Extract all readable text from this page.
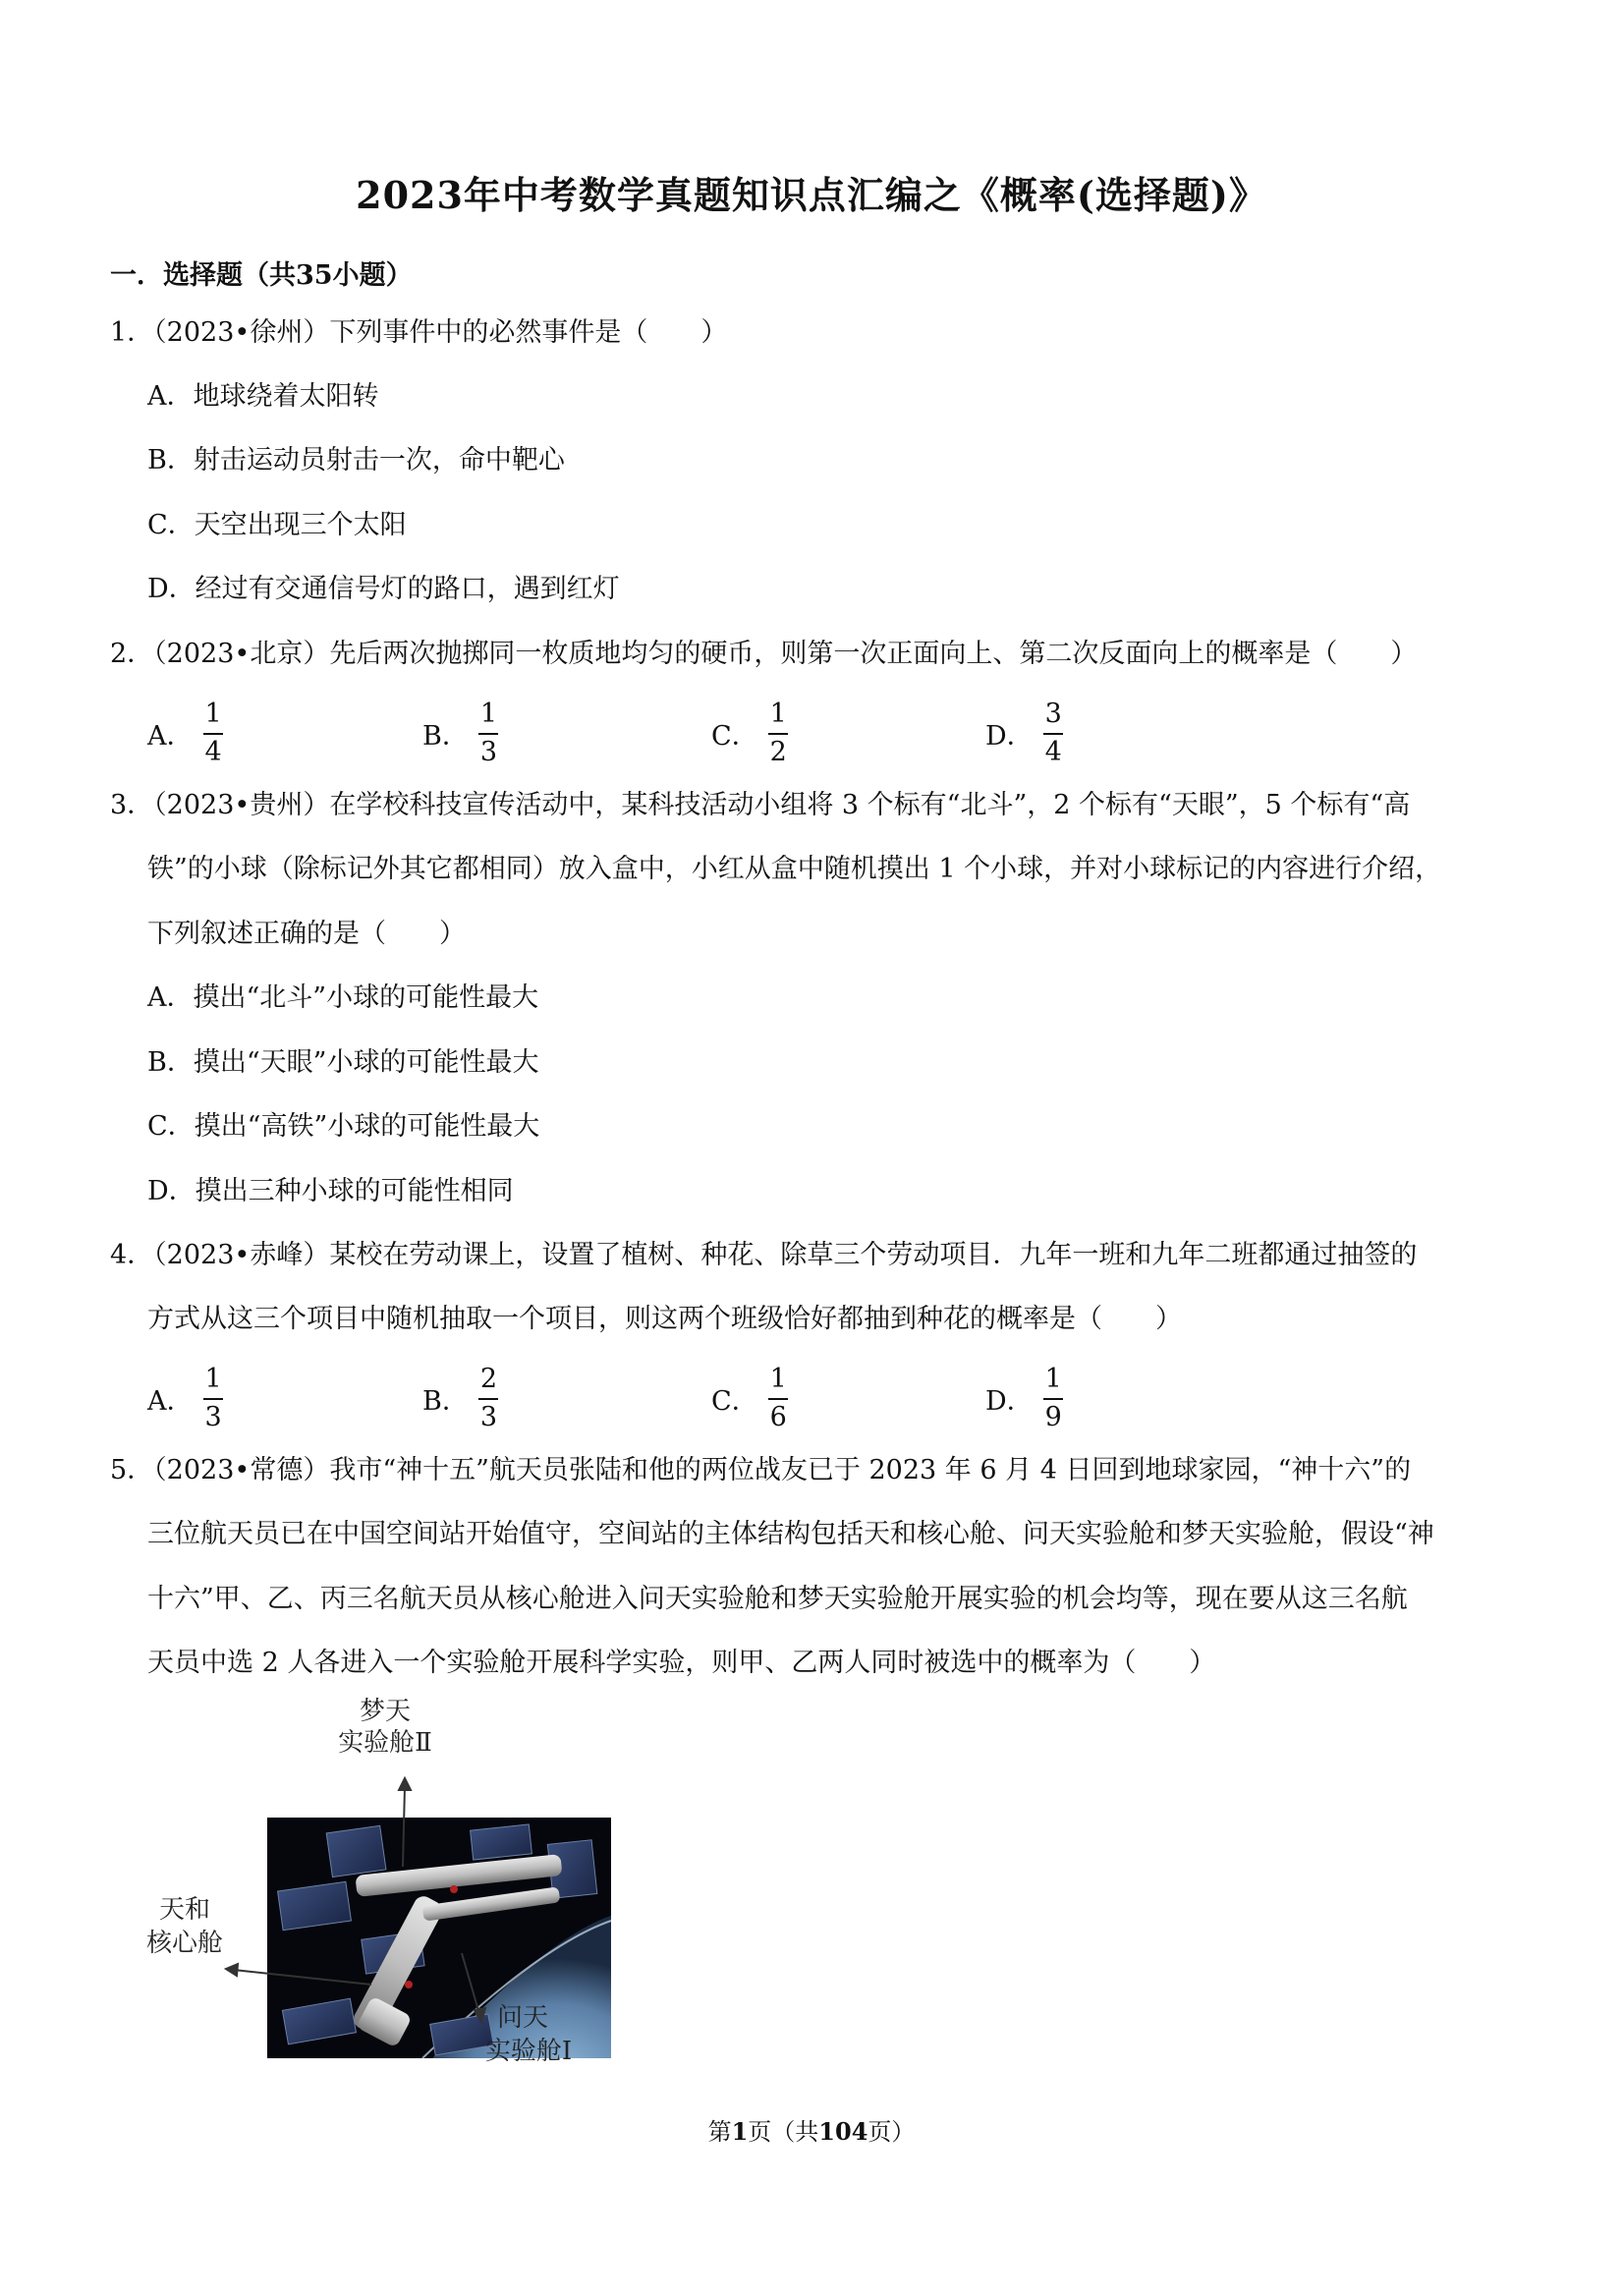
2023年中考数学真题知识点汇编之《概率(选择题)》
一．选择题（共35小题）
1．（2023•徐州）下列事件中的必然事件是（　　）
A．地球绕着太阳转
B．射击运动员射击一次，命中靶心
C．天空出现三个太阳
D．经过有交通信号灯的路口，遇到红灯
2．（2023•北京）先后两次抛掷同一枚质地均匀的硬币，则第一次正面向上、第二次反面向上的概率是（　　）
A． $\frac{1}{4}$	B． $\frac{1}{3}$	C． $\frac{1}{2}$	D． $\frac{3}{4}$
3．（2023•贵州）在学校科技宣传活动中，某科技活动小组将 3 个标有“北斗”，2 个标有“天眼”，5 个标有“高
铁”的小球（除标记外其它都相同）放入盒中，小红从盒中随机摸出 1 个小球，并对小球标记的内容进行介绍，
下列叙述正确的是（　　）
A．摸出“北斗”小球的可能性最大
B．摸出“天眼”小球的可能性最大
C．摸出“高铁”小球的可能性最大
D．摸出三种小球的可能性相同
4．（2023•赤峰）某校在劳动课上，设置了植树、种花、除草三个劳动项目．九年一班和九年二班都通过抽签的
方式从这三个项目中随机抽取一个项目，则这两个班级恰好都抽到种花的概率是（　　）
A． $\frac{1}{3}$	B． $\frac{2}{3}$	C． $\frac{1}{6}$	D． $\frac{1}{9}$
5．（2023•常德）我市“神十五”航天员张陆和他的两位战友已于 2023 年 6 月 4 日回到地球家园，“神十六”的
三位航天员已在中国空间站开始值守，空间站的主体结构包括天和核心舱、问天实验舱和梦天实验舱，假设“神
十六”甲、乙、丙三名航天员从核心舱进入问天实验舱和梦天实验舱开展实验的机会均等，现在要从这三名航
天员中选 2 人各进入一个实验舱开展科学实验，则甲、乙两人同时被选中的概率为（　　）
梦天
实验舱Ⅱ
天和
核心舱
问天
实验舱Ⅰ
第1页（共104页）
